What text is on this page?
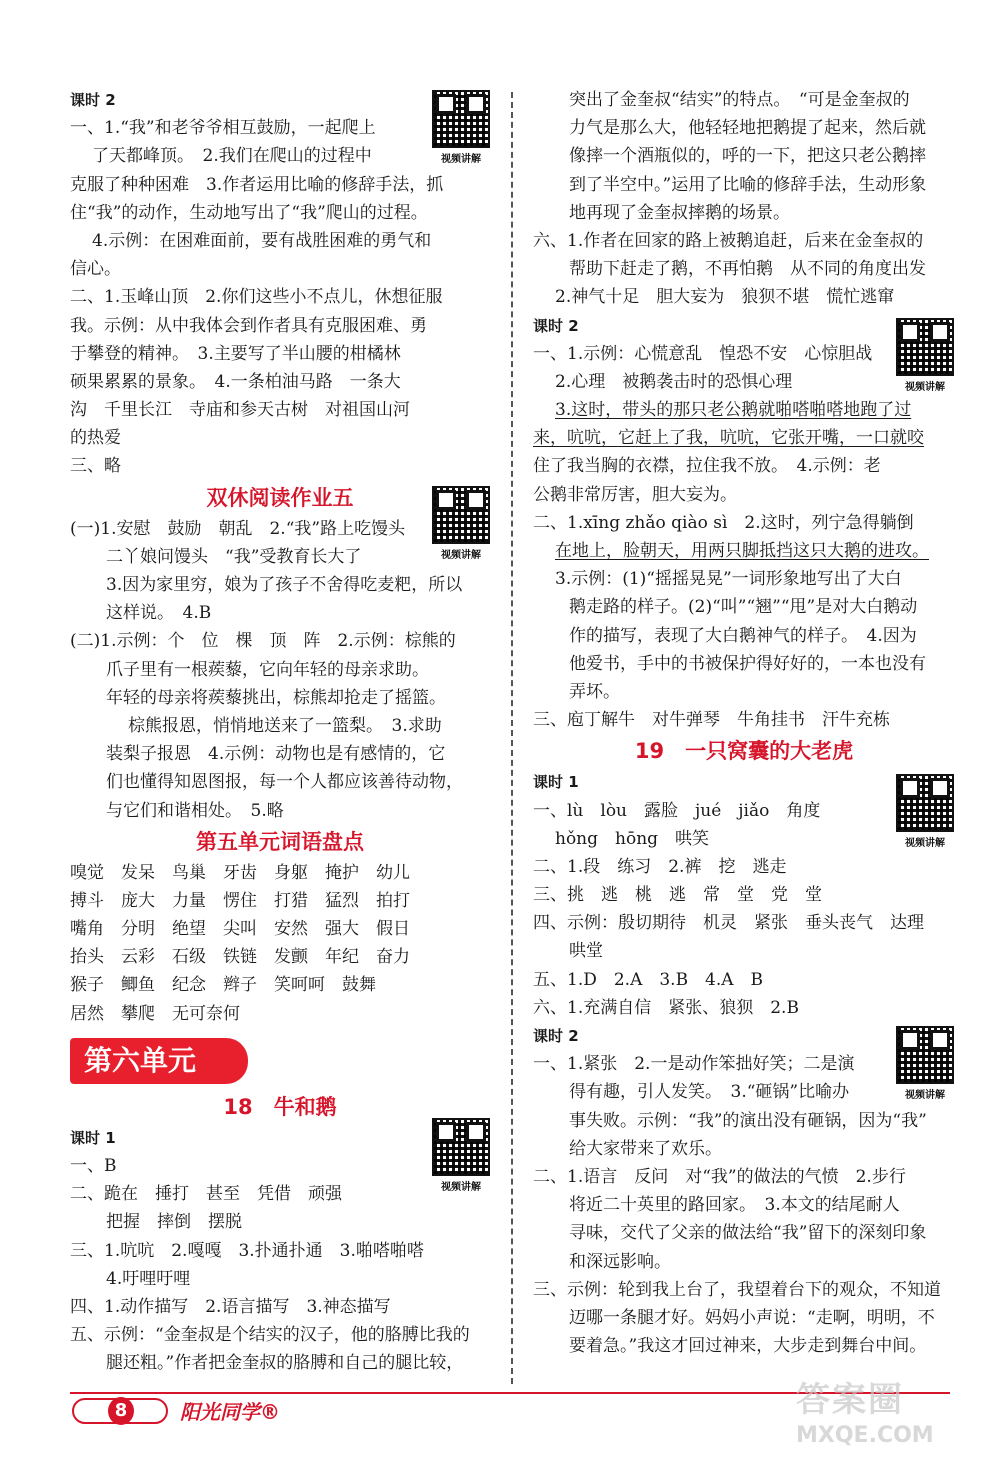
课时 2
一、1.“我”和老爷爷相互鼓励，一起爬上
了天都峰顶。　2.我们在爬山的过程中
克服了种种困难　3.作者运用比喻的修辞手法，抓
住“我”的动作，生动地写出了“我”爬山的过程。
4.示例：在困难面前，要有战胜困难的勇气和
信心。
二、1.玉峰山顶　2.你们这些小不点儿，休想征服
我。示例：从中我体会到作者具有克服困难、勇
于攀登的精神。　3.主要写了半山腰的柑橘林
硕果累累的景象。　4.一条柏油马路　一条大
沟　千里长江　寺庙和参天古树　对祖国山河
的热爱
三、略
双休阅读作业五
(一)1.安慰　鼓励　朝乱　2.“我”路上吃馒头
二丫娘问馒头　“我”受教育长大了
3.因为家里穷，娘为了孩子不舍得吃麦粑，所以
这样说。　4.B
(二)1.示例：个　位　棵　顶　阵　2.示例：棕熊的
爪子里有一根蒺藜，它向年轻的母亲求助。
年轻的母亲将蒺藜挑出，棕熊却抢走了摇篮。
棕熊报恩，悄悄地送来了一篮梨。　3.求助
装梨子报恩　4.示例：动物也是有感情的，它
们也懂得知恩图报，每一个人都应该善待动物，
与它们和谐相处。　5.略
第五单元词语盘点
嗅觉　发呆　鸟巢　牙齿　身躯　掩护　幼儿
搏斗　庞大　力量　愣住　打猎　猛烈　拍打
嘴角　分明　绝望　尖叫　安然　强大　假日
抬头　云彩　石级　铁链　发颤　年纪　奋力
猴子　鲫鱼　纪念　辫子　笑呵呵　鼓舞
居然　攀爬　无可奈何
第六单元
18　牛和鹅
课时 1
一、B
二、跪在　捶打　甚至　凭借　顽强
把握　摔倒　摆脱
三、1.吭吭　2.嘎嘎　3.扑通扑通　3.啪嗒啪嗒
4.吁哩吁哩
四、1.动作描写　2.语言描写　3.神态描写
五、示例：“金奎叔是个结实的汉子，他的胳膊比我的
腿还粗。”作者把金奎叔的胳膊和自己的腿比较，
突出了金奎叔“结实”的特点。　“可是金奎叔的
力气是那么大，他轻轻地把鹅提了起来，然后就
像摔一个酒瓶似的，呼的一下，把这只老公鹅摔
到了半空中。”运用了比喻的修辞手法，生动形象
地再现了金奎叔摔鹅的场景。
六、1.作者在回家的路上被鹅追赶，后来在金奎叔的
帮助下赶走了鹅，不再怕鹅　从不同的角度出发
2.神气十足　胆大妄为　狼狈不堪　慌忙逃窜
课时 2
一、1.示例：心慌意乱　惶恐不安　心惊胆战
2.心理　被鹅袭击时的恐惧心理
3.这时，带头的那只老公鹅就啪嗒啪嗒地跑了过
来，吭吭，它赶上了我，吭吭，它张开嘴，一口就咬
住了我当胸的衣襟，拉住我不放。　4.示例：老
公鹅非常厉害，胆大妄为。
二、1.xīng zhǎo qiào sì　2.这时，列宁急得躺倒
在地上，脸朝天，用两只脚抵挡这只大鹅的进攻。
3.示例：(1)“摇摇晃晃”一词形象地写出了大白
鹅走路的样子。(2)“叫”“翘”“甩”是对大白鹅动
作的描写，表现了大白鹅神气的样子。　4.因为
他爱书，手中的书被保护得好好的，一本也没有
弄坏。
三、庖丁解牛　对牛弹琴　牛角挂书　汗牛充栋
19　一只窝囊的大老虎
课时 1
一、lù　lòu　露脸　jué　jiǎo　角度
hǒng　hōng　哄笑
二、1.段　练习　2.裤　挖　逃走
三、挑　逃　桃　逃　常　堂　党　堂
四、示例：殷切期待　机灵　紧张　垂头丧气　达理
哄堂
五、1.D　2.A　3.B　4.A　B
六、1.充满自信　紧张、狼狈　2.B
课时 2
一、1.紧张　2.一是动作笨拙好笑；二是演
得有趣，引人发笑。　3.“砸锅”比喻办
事失败。示例：“我”的演出没有砸锅，因为“我”
给大家带来了欢乐。
二、1.语言　反问　对“我”的做法的气愤　2.步行
将近二十英里的路回家。　3.本文的结尾耐人
寻味，交代了父亲的做法给“我”留下的深刻印象
和深远影响。
三、示例：轮到我上台了，我望着台下的观众，不知道
迈哪一条腿才好。妈妈小声说：“走啊，明明，不
要着急。”我这才回过神来，大步走到舞台中间。
视频讲解
视频讲解
视频讲解
视频讲解
视频讲解
视频讲解
8	阳光同学®	答案圈
MXQE.COM
